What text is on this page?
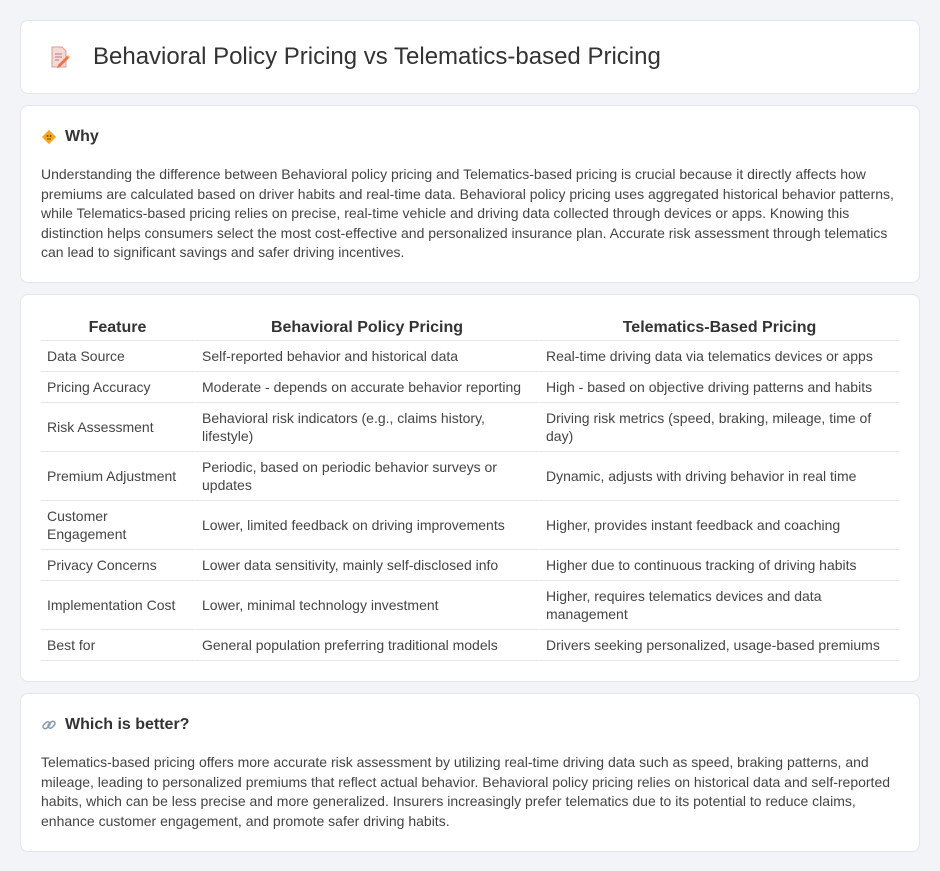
Behavioral Policy Pricing vs Telematics-based Pricing
Why

Understanding the difference between Behavioral policy pricing and Telematics-based pricing is crucial because it directly affects how premiums are calculated based on driver habits and real-time data. Behavioral policy pricing uses aggregated historical behavior patterns, while Telematics-based pricing relies on precise, real-time vehicle and driving data collected through devices or apps. Knowing this distinction helps consumers select the most cost-effective and personalized insurance plan. Accurate risk assessment through telematics can lead to significant savings and safer driving incentives.

Feature	Behavioral Policy Pricing	Telematics-Based Pricing
Data Source	Self-reported behavior and historical data	Real-time driving data via telematics devices or apps
Pricing Accuracy	Moderate - depends on accurate behavior reporting	High - based on objective driving patterns and habits
Risk Assessment	Behavioral risk indicators (e.g., claims history, lifestyle)	Driving risk metrics (speed, braking, mileage, time of day)
Premium Adjustment	Periodic, based on periodic behavior surveys or updates	Dynamic, adjusts with driving behavior in real time
Customer Engagement	Lower, limited feedback on driving improvements	Higher, provides instant feedback and coaching
Privacy Concerns	Lower data sensitivity, mainly self-disclosed info	Higher due to continuous tracking of driving habits
Implementation Cost	Lower, minimal technology investment	Higher, requires telematics devices and data management
Best for	General population preferring traditional models	Drivers seeking personalized, usage-based premiums
Which is better?

Telematics-based pricing offers more accurate risk assessment by utilizing real-time driving data such as speed, braking patterns, and mileage, leading to personalized premiums that reflect actual behavior. Behavioral policy pricing relies on historical data and self-reported habits, which can be less precise and more generalized. Insurers increasingly prefer telematics due to its potential to reduce claims, enhance customer engagement, and promote safer driving habits.
